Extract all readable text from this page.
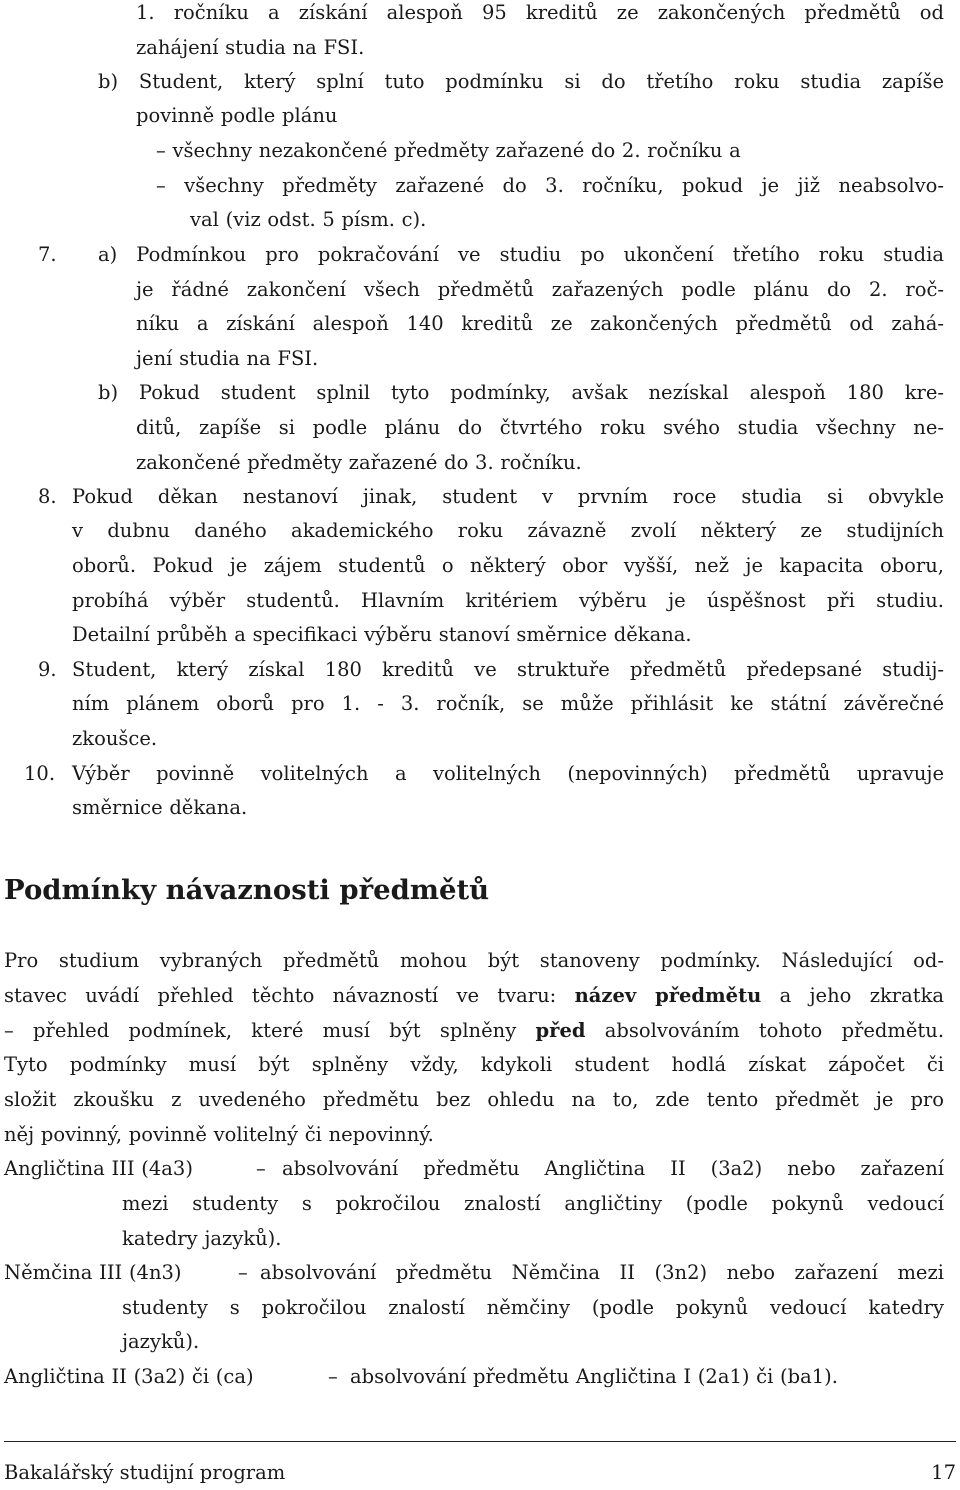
1. ročníku a získání alespoň 95 kreditů ze zakončených předmětů od
zahájení studia na FSI.
b) Student, který splní tuto podmínku si do třetího roku studia zapíše
povinně podle plánu
– všechny nezakončené předměty zařazené do 2. ročníku a
– všechny předměty zařazené do 3. ročníku, pokud je již neabsolvo-
val (viz odst. 5 písm. c).
7. a) Podmínkou pro pokračování ve studiu po ukončení třetího roku studia
je řádné zakončení všech předmětů zařazených podle plánu do 2. roč-
níku a získání alespoň 140 kreditů ze zakončených předmětů od zahá-
jení studia na FSI.
b) Pokud student splnil tyto podmínky, avšak nezískal alespoň 180 kre-
ditů, zapíše si podle plánu do čtvrtého roku svého studia všechny ne-
zakončené předměty zařazené do 3. ročníku.
8. Pokud děkan nestanoví jinak, student v prvním roce studia si obvykle
v dubnu daného akademického roku závazně zvolí některý ze studijních
oborů. Pokud je zájem studentů o některý obor vyšší, než je kapacita oboru,
probíhá výběr studentů. Hlavním kritériem výběru je úspěšnost při studiu.
Detailní průběh a specifikaci výběru stanoví směrnice děkana.
9. Student, který získal 180 kreditů ve struktuře předmětů předepsané studij-
ním plánem oborů pro 1. - 3. ročník, se může přihlásit ke státní závěrečné
zkoušce.
10. Výběr povinně volitelných a volitelných (nepovinných) předmětů upravuje
směrnice děkana.
Podmínky návaznosti předmětů
Pro studium vybraných předmětů mohou být stanoveny podmínky. Následující od-
stavec uvádí přehled těchto návazností ve tvaru: název předmětu a jeho zkratka
– přehled podmínek, které musí být splněny před absolvováním tohoto předmětu.
Tyto podmínky musí být splněny vždy, kdykoli student hodlá získat zápočet či
složit zkoušku z uvedeného předmětu bez ohledu na to, zde tento předmět je pro
něj povinný, povinně volitelný či nepovinný.
Angličtina III (4a3)	– absolvování předmětu Angličtina II (3a2) nebo zařazení
mezi studenty s pokročilou znalostí angličtiny (podle pokynů vedoucí
katedry jazyků).
Němčina III (4n3)	– absolvování předmětu Němčina II (3n2) nebo zařazení mezi
studenty s pokročilou znalostí němčiny (podle pokynů vedoucí katedry
jazyků).
Angličtina II (3a2) či (ca)	– absolvování předmětu Angličtina I (2a1) či (ba1).
Bakalářský studijní program	17
